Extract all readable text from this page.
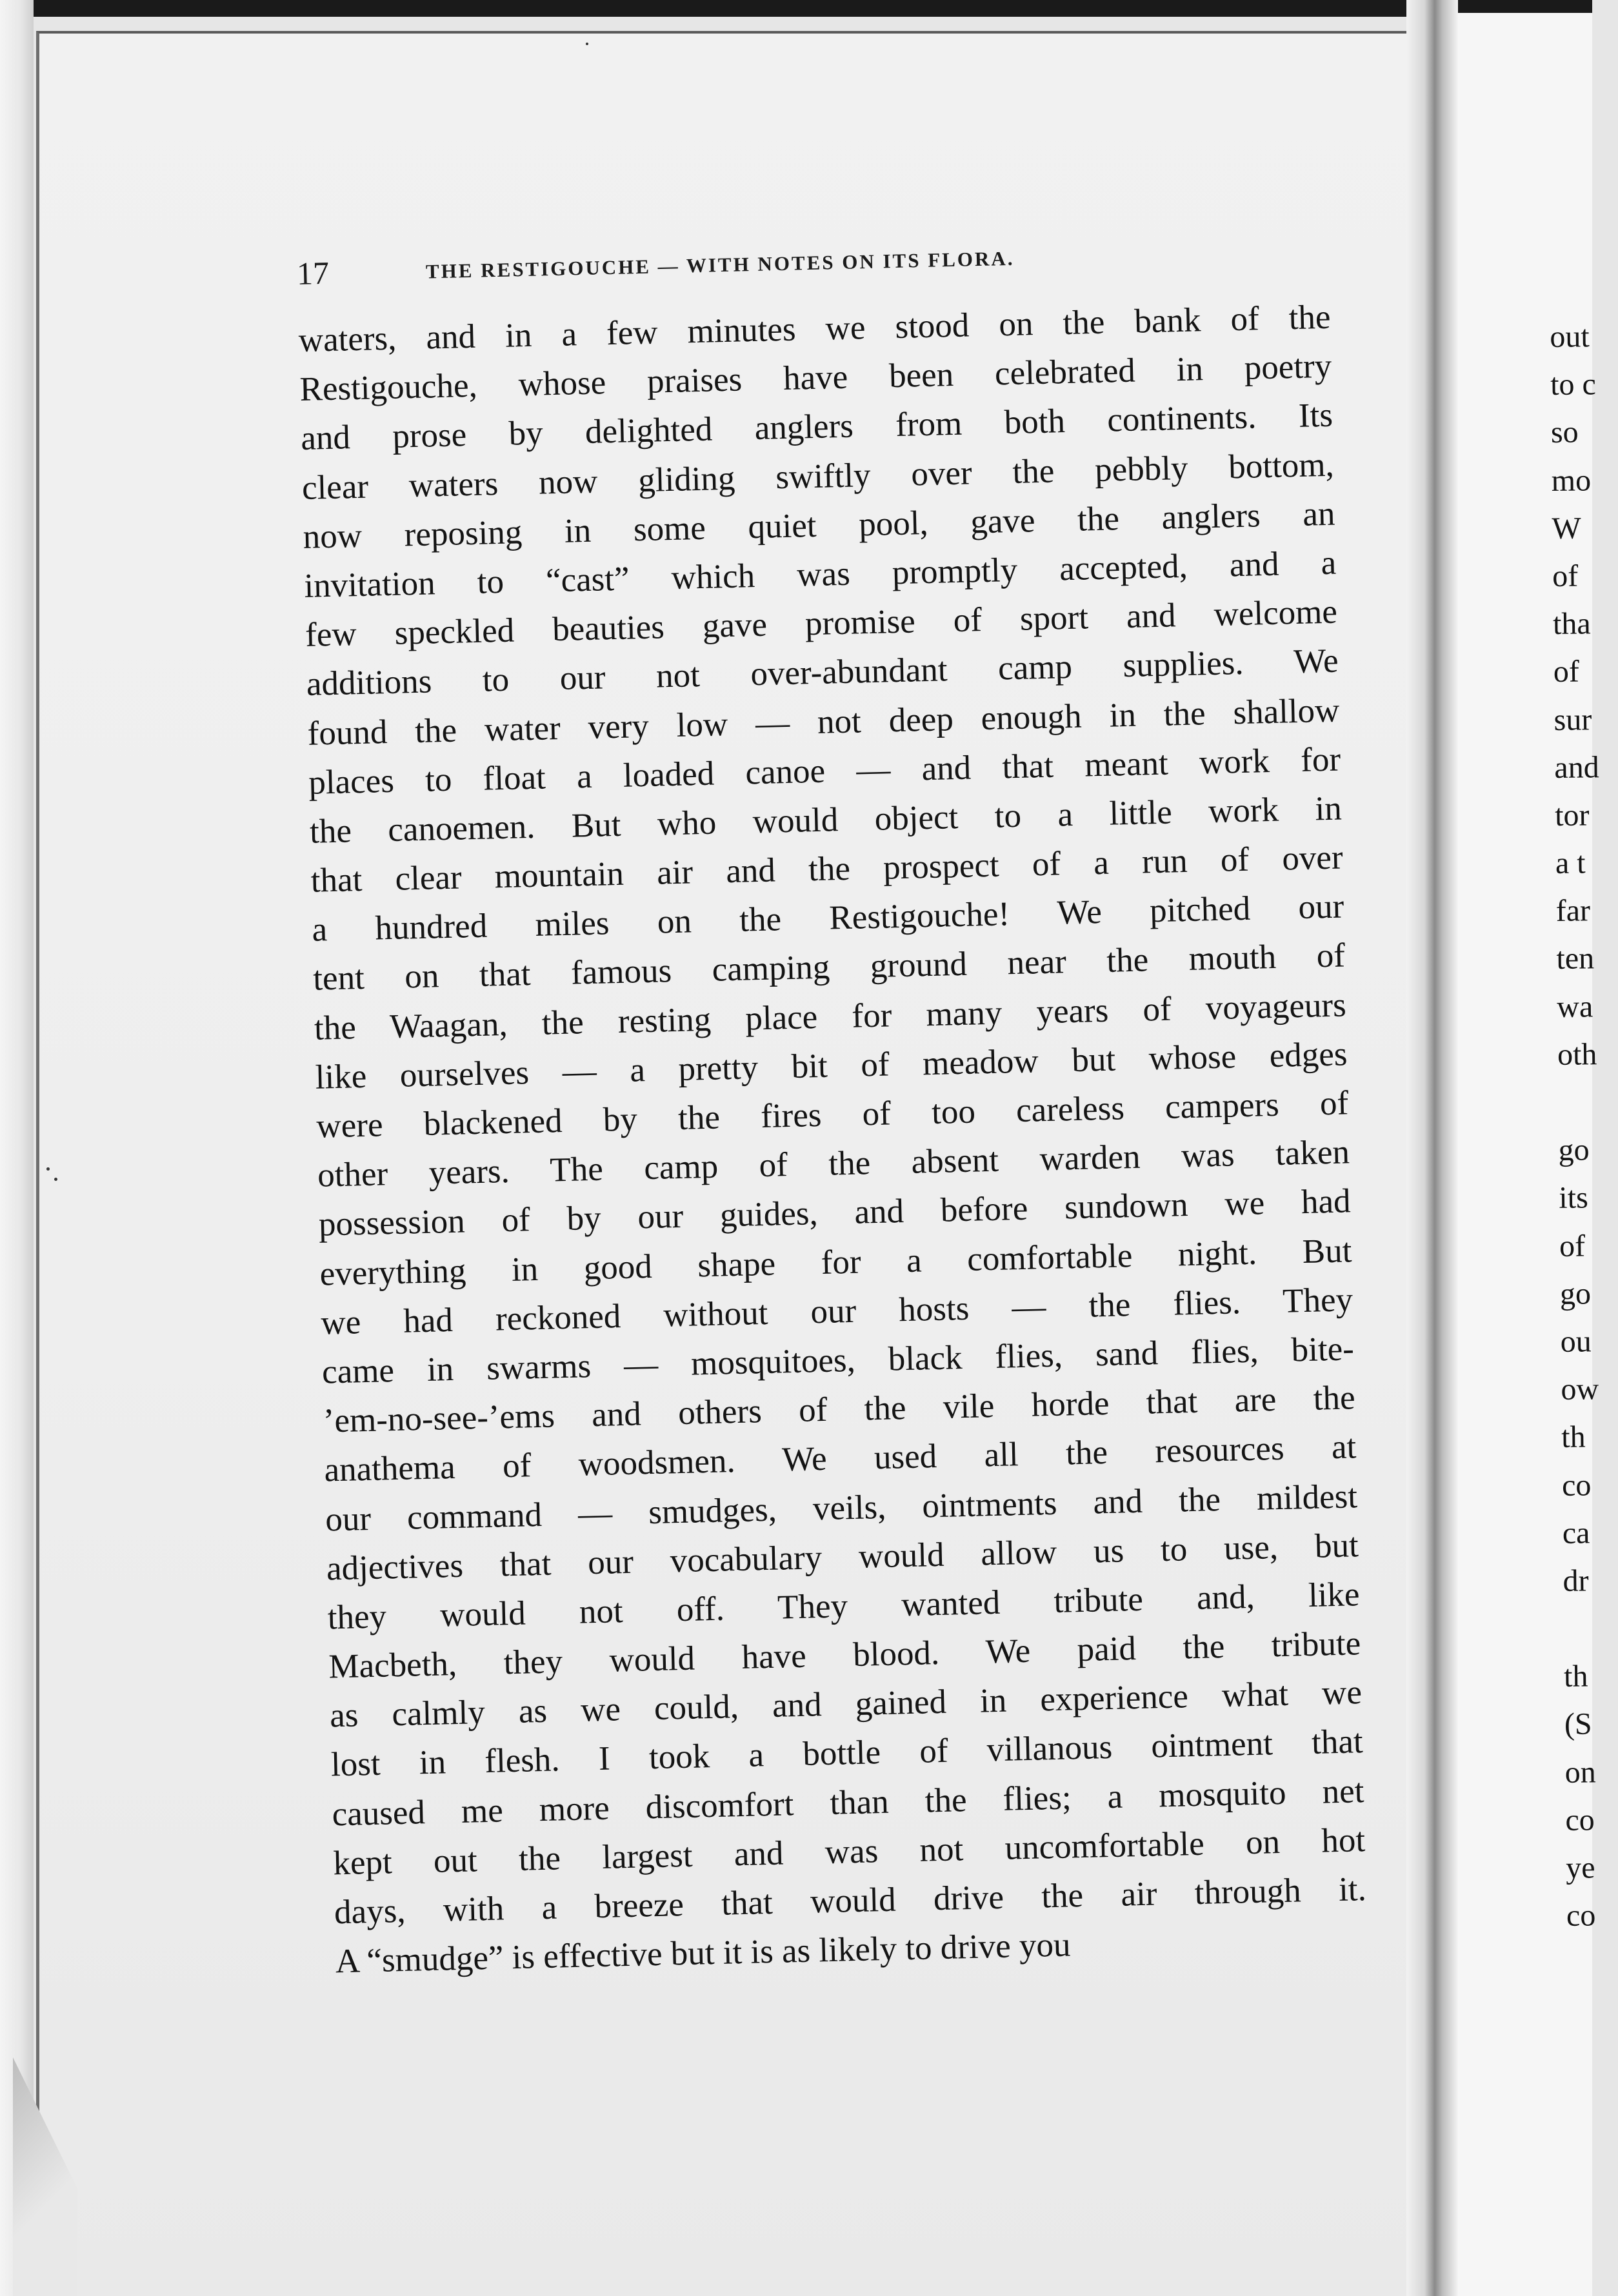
17	THE RESTIGOUCHE — WITH NOTES ON ITS FLORA.
waters, and in a few minutes we stood on the bank of the
Restigouche, whose praises have been celebrated in poetry
and prose by delighted anglers from both continents. Its
clear waters now gliding swiftly over the pebbly bottom,
now reposing in some quiet pool, gave the anglers an
invitation to “cast” which was promptly accepted, and a
few speckled beauties gave promise of sport and welcome
additions to our not over-abundant camp supplies. We
found the water very low — not deep enough in the shallow
places to float a loaded canoe — and that meant work for
the canoemen. But who would object to a little work in
that clear mountain air and the prospect of a run of over
a hundred miles on the Restigouche! We pitched our
tent on that famous camping ground near the mouth of
the Waagan, the resting place for many years of voyageurs
like ourselves — a pretty bit of meadow but whose edges
were blackened by the fires of too careless campers of
other years. The camp of the absent warden was taken
possession of by our guides, and before sundown we had
everything in good shape for a comfortable night. But
we had reckoned without our hosts — the flies. They
came in swarms — mosquitoes, black flies, sand flies, bite-
’em-no-see-’ems and others of the vile horde that are the
anathema of woodsmen. We used all the resources at
our command — smudges, veils, ointments and the mildest
adjectives that our vocabulary would allow us to use, but
they would not off. They wanted tribute and, like
Macbeth, they would have blood. We paid the tribute
as calmly as we could, and gained in experience what we
lost in flesh. I took a bottle of villanous ointment that
caused me more discomfort than the flies; a mosquito net
kept out the largest and was not uncomfortable on hot
days, with a breeze that would drive the air through it.
A “smudge” is effective but it is as likely to drive you
out
to c
so
mo
W
of
tha
of
sur
and
tor
a t
far
ten
wa
oth
go
its
of
go
ou
ow
th
co
ca
dr
th
(S
on
co
ye
co
